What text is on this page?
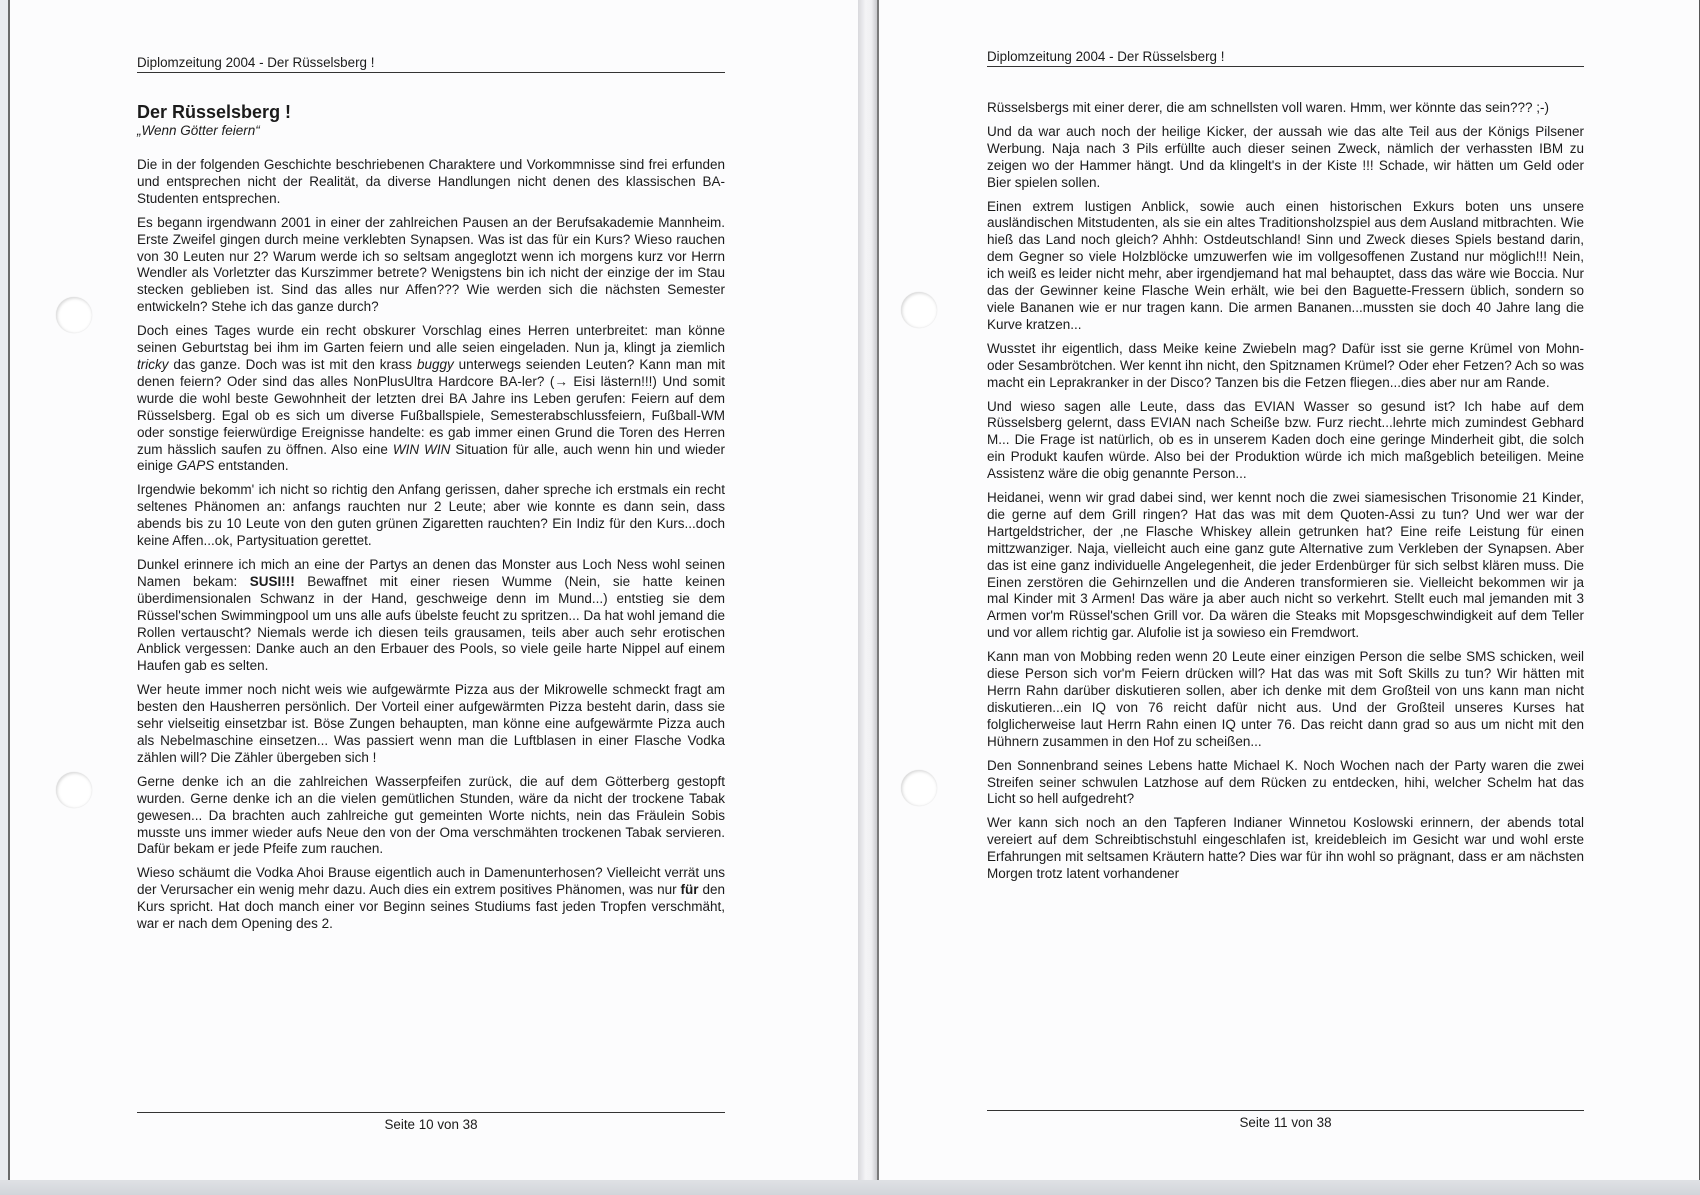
Diplomzeitung 2004 - Der Rüsselsberg !
Der Rüsselsberg !
„Wenn Götter feiern“

Die in der folgenden Geschichte beschriebenen Charaktere und Vorkommnisse sind frei erfunden und entsprechen nicht der Realität, da diverse Handlungen nicht denen des klassischen BA-Studenten entsprechen.

Es begann irgendwann 2001 in einer der zahlreichen Pausen an der Berufsakademie Mannheim. Erste Zweifel gingen durch meine verklebten Synapsen. Was ist das für ein Kurs? Wieso rauchen von 30 Leuten nur 2? Warum werde ich so seltsam angeglotzt wenn ich morgens kurz vor Herrn Wendler als Vorletzter das Kurszimmer betrete? Wenigstens bin ich nicht der einzige der im Stau stecken geblieben ist. Sind das alles nur Affen??? Wie werden sich die nächsten Semester entwickeln? Stehe ich das ganze durch?

Doch eines Tages wurde ein recht obskurer Vorschlag eines Herren unterbreitet: man könne seinen Geburtstag bei ihm im Garten feiern und alle seien eingeladen. Nun ja, klingt ja ziemlich tricky das ganze. Doch was ist mit den krass buggy unterwegs seienden Leuten? Kann man mit denen feiern? Oder sind das alles NonPlusUltra Hardcore BA-ler? (→ Eisi lästern!!!) Und somit wurde die wohl beste Gewohnheit der letzten drei BA Jahre ins Leben gerufen: Feiern auf dem Rüsselsberg. Egal ob es sich um diverse Fußballspiele, Semesterabschlussfeiern, Fußball-WM oder sonstige feierwürdige Ereignisse handelte: es gab immer einen Grund die Toren des Herren zum hässlich saufen zu öffnen. Also eine WIN WIN Situation für alle, auch wenn hin und wieder einige GAPS entstanden.

Irgendwie bekomm' ich nicht so richtig den Anfang gerissen, daher spreche ich erstmals ein recht seltenes Phänomen an: anfangs rauchten nur 2 Leute; aber wie konnte es dann sein, dass abends bis zu 10 Leute von den guten grünen Zigaretten rauchten? Ein Indiz für den Kurs...doch keine Affen...ok, Partysituation gerettet.

Dunkel erinnere ich mich an eine der Partys an denen das Monster aus Loch Ness wohl seinen Namen bekam: SUSI!!! Bewaffnet mit einer riesen Wumme (Nein, sie hatte keinen überdimensionalen Schwanz in der Hand, geschweige denn im Mund...) entstieg sie dem Rüssel'schen Swimmingpool um uns alle aufs übelste feucht zu spritzen... Da hat wohl jemand die Rollen vertauscht? Niemals werde ich diesen teils grausamen, teils aber auch sehr erotischen Anblick vergessen: Danke auch an den Erbauer des Pools, so viele geile harte Nippel auf einem Haufen gab es selten.

Wer heute immer noch nicht weis wie aufgewärmte Pizza aus der Mikrowelle schmeckt fragt am besten den Hausherren persönlich. Der Vorteil einer aufgewärmten Pizza besteht darin, dass sie sehr vielseitig einsetzbar ist. Böse Zungen behaupten, man könne eine aufgewärmte Pizza auch als Nebelmaschine einsetzen... Was passiert wenn man die Luftblasen in einer Flasche Vodka zählen will? Die Zähler übergeben sich !

Gerne denke ich an die zahlreichen Wasserpfeifen zurück, die auf dem Götterberg gestopft wurden. Gerne denke ich an die vielen gemütlichen Stunden, wäre da nicht der trockene Tabak gewesen... Da brachten auch zahlreiche gut gemeinten Worte nichts, nein das Fräulein Sobis musste uns immer wieder aufs Neue den von der Oma verschmähten trockenen Tabak servieren. Dafür bekam er jede Pfeife zum rauchen.

Wieso schäumt die Vodka Ahoi Brause eigentlich auch in Damenunterhosen? Vielleicht verrät uns der Verursacher ein wenig mehr dazu. Auch dies ein extrem positives Phänomen, was nur für den Kurs spricht. Hat doch manch einer vor Beginn seines Studiums fast jeden Tropfen verschmäht, war er nach dem Opening des 2.

Seite 10 von 38
Diplomzeitung 2004 - Der Rüsselsberg !

Rüsselsbergs mit einer derer, die am schnellsten voll waren. Hmm, wer könnte das sein??? ;-)

Und da war auch noch der heilige Kicker, der aussah wie das alte Teil aus der Königs Pilsener Werbung. Naja nach 3 Pils erfüllte auch dieser seinen Zweck, nämlich der verhassten IBM zu zeigen wo der Hammer hängt. Und da klingelt's in der Kiste !!! Schade, wir hätten um Geld oder Bier spielen sollen.

Einen extrem lustigen Anblick, sowie auch einen historischen Exkurs boten uns unsere ausländischen Mitstudenten, als sie ein altes Traditionsholzspiel aus dem Ausland mitbrachten. Wie hieß das Land noch gleich? Ahhh: Ostdeutschland! Sinn und Zweck dieses Spiels bestand darin, dem Gegner so viele Holzblöcke umzuwerfen wie im vollgesoffenen Zustand nur möglich!!! Nein, ich weiß es leider nicht mehr, aber irgendjemand hat mal behauptet, dass das wäre wie Boccia. Nur das der Gewinner keine Flasche Wein erhält, wie bei den Baguette-Fressern üblich, sondern so viele Bananen wie er nur tragen kann. Die armen Bananen...mussten sie doch 40 Jahre lang die Kurve kratzen...

Wusstet ihr eigentlich, dass Meike keine Zwiebeln mag? Dafür isst sie gerne Krümel von Mohn- oder Sesambrötchen. Wer kennt ihn nicht, den Spitznamen Krümel? Oder eher Fetzen? Ach so was macht ein Leprakranker in der Disco? Tanzen bis die Fetzen fliegen...dies aber nur am Rande.

Und wieso sagen alle Leute, dass das EVIAN Wasser so gesund ist? Ich habe auf dem Rüsselsberg gelernt, dass EVIAN nach Scheiße bzw. Furz riecht...lehrte mich zumindest Gebhard M... Die Frage ist natürlich, ob es in unserem Kaden doch eine geringe Minderheit gibt, die solch ein Produkt kaufen würde. Also bei der Produktion würde ich mich maßgeblich beteiligen. Meine Assistenz wäre die obig genannte Person...

Heidanei, wenn wir grad dabei sind, wer kennt noch die zwei siamesischen Trisonomie 21 Kinder, die gerne auf dem Grill ringen? Hat das was mit dem Quoten-Assi zu tun? Und wer war der Hartgeldstricher, der ‚ne Flasche Whiskey allein getrunken hat? Eine reife Leistung für einen mittzwanziger. Naja, vielleicht auch eine ganz gute Alternative zum Verkleben der Synapsen. Aber das ist eine ganz individuelle Angelegenheit, die jeder Erdenbürger für sich selbst klären muss. Die Einen zerstören die Gehirnzellen und die Anderen transformieren sie. Vielleicht bekommen wir ja mal Kinder mit 3 Armen! Das wäre ja aber auch nicht so verkehrt. Stellt euch mal jemanden mit 3 Armen vor'm Rüssel'schen Grill vor. Da wären die Steaks mit Mopsgeschwindigkeit auf dem Teller und vor allem richtig gar. Alufolie ist ja sowieso ein Fremdwort.

Kann man von Mobbing reden wenn 20 Leute einer einzigen Person die selbe SMS schicken, weil diese Person sich vor'm Feiern drücken will? Hat das was mit Soft Skills zu tun? Wir hätten mit Herrn Rahn darüber diskutieren sollen, aber ich denke mit dem Großteil von uns kann man nicht diskutieren...ein IQ von 76 reicht dafür nicht aus. Und der Großteil unseres Kurses hat folglicherweise laut Herrn Rahn einen IQ unter 76. Das reicht dann grad so aus um nicht mit den Hühnern zusammen in den Hof zu scheißen...

Den Sonnenbrand seines Lebens hatte Michael K. Noch Wochen nach der Party waren die zwei Streifen seiner schwulen Latzhose auf dem Rücken zu entdecken, hihi, welcher Schelm hat das Licht so hell aufgedreht?

Wer kann sich noch an den Tapferen Indianer Winnetou Koslowski erinnern, der abends total vereiert auf dem Schreibtischstuhl eingeschlafen ist, kreidebleich im Gesicht war und wohl erste Erfahrungen mit seltsamen Kräutern hatte? Dies war für ihn wohl so prägnant, dass er am nächsten Morgen trotz latent vorhandener

Seite 11 von 38
